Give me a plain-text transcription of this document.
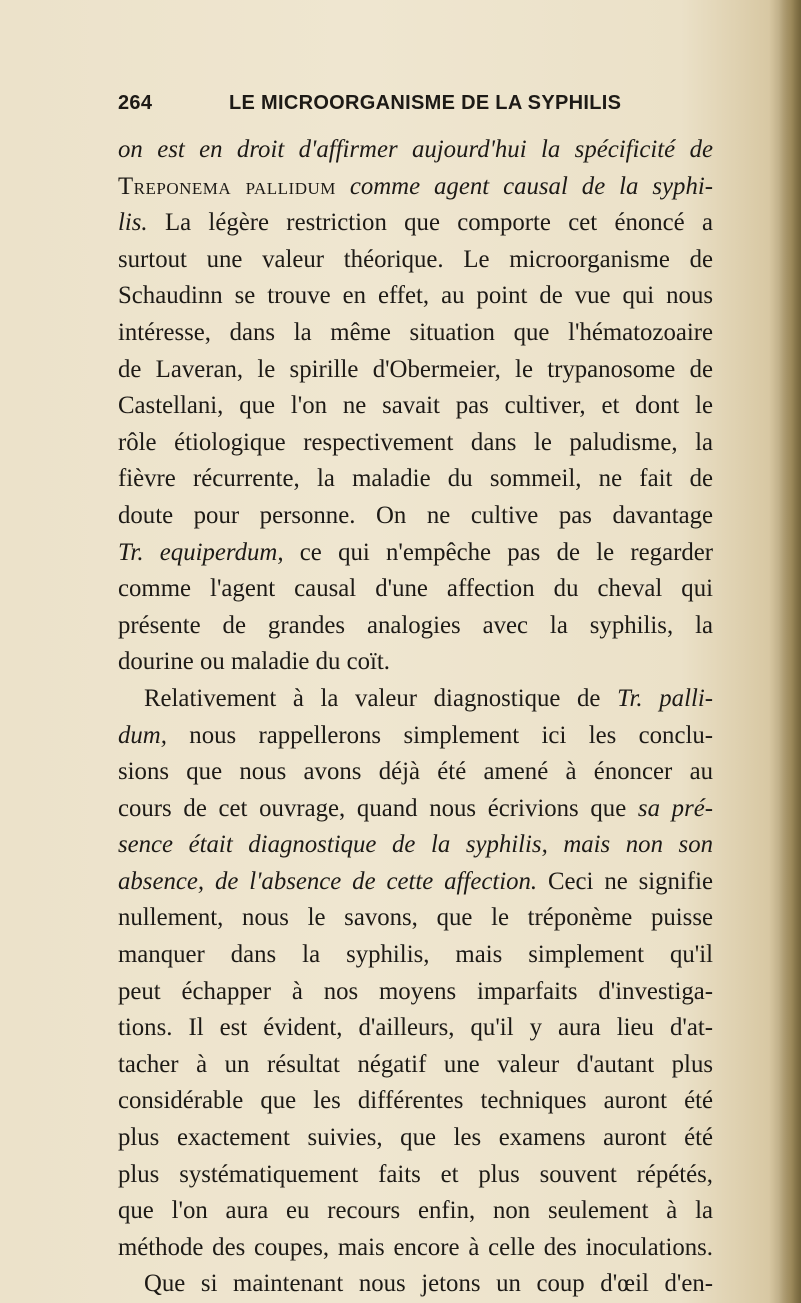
264	LE MICROORGANISME DE LA SYPHILIS
on est en droit d'affirmer aujourd'hui la spécificité de
Treponema pallidum comme agent causal de la syphi-
lis. La légère restriction que comporte cet énoncé a
surtout une valeur théorique. Le microorganisme de
Schaudinn se trouve en effet, au point de vue qui nous
intéresse, dans la même situation que l'hématozoaire
de Laveran, le spirille d'Obermeier, le trypanosome de
Castellani, que l'on ne savait pas cultiver, et dont le
rôle étiologique respectivement dans le paludisme, la
fièvre récurrente, la maladie du sommeil, ne fait de
doute pour personne. On ne cultive pas davantage
Tr. equiperdum, ce qui n'empêche pas de le regarder
comme l'agent causal d'une affection du cheval qui
présente de grandes analogies avec la syphilis, la
dourine ou maladie du coït.
Relativement à la valeur diagnostique de Tr. palli-
dum, nous rappellerons simplement ici les conclu-
sions que nous avons déjà été amené à énoncer au
cours de cet ouvrage, quand nous écrivions que sa pré-
sence était diagnostique de la syphilis, mais non son
absence, de l'absence de cette affection. Ceci ne signifie
nullement, nous le savons, que le tréponème puisse
manquer dans la syphilis, mais simplement qu'il
peut échapper à nos moyens imparfaits d'investiga-
tions. Il est évident, d'ailleurs, qu'il y aura lieu d'at-
tacher à un résultat négatif une valeur d'autant plus
considérable que les différentes techniques auront été
plus exactement suivies, que les examens auront été
plus systématiquement faits et plus souvent répétés,
que l'on aura eu recours enfin, non seulement à la
méthode des coupes, mais encore à celle des inoculations.
Que si maintenant nous jetons un coup d'œil d'en-
